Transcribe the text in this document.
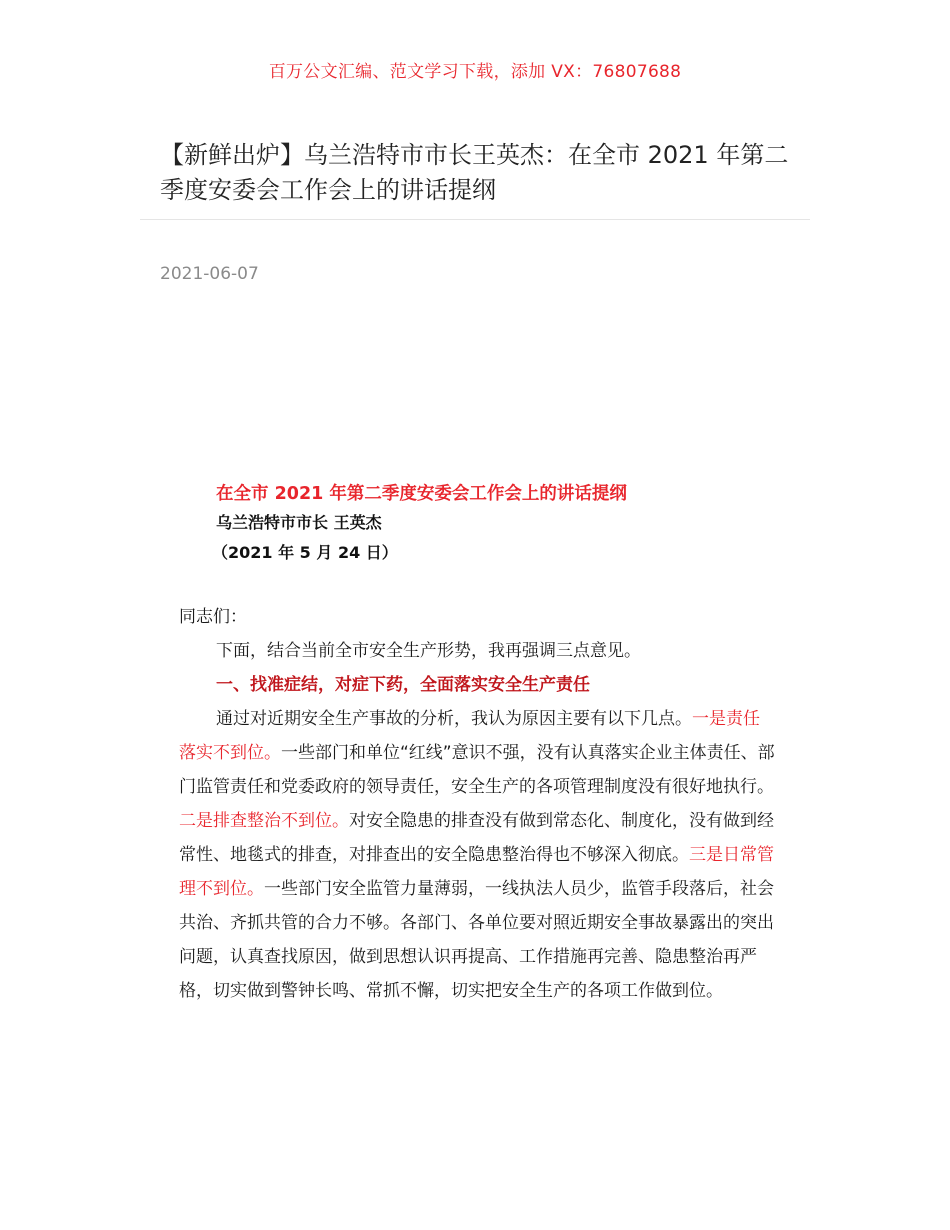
百万公文汇编、范文学习下载，添加 VX：76807688
【新鲜出炉】乌兰浩特市市长王英杰：在全市 2021 年第二季度安委会工作会上的讲话提纲
2021-06-07
在全市 2021 年第二季度安委会工作会上的讲话提纲
乌兰浩特市市长 王英杰
（2021 年 5 月 24 日）

同志们：

下面，结合当前全市安全生产形势，我再强调三点意见。

一、找准症结，对症下药，全面落实安全生产责任

通过对近期安全生产事故的分析，我认为原因主要有以下几点。一是责任落实不到位。一些部门和单位“红线”意识不强，没有认真落实企业主体责任、部门监管责任和党委政府的领导责任，安全生产的各项管理制度没有很好地执行。二是排查整治不到位。对安全隐患的排查没有做到常态化、制度化，没有做到经常性、地毯式的排查，对排查出的安全隐患整治得也不够深入彻底。三是日常管理不到位。一些部门安全监管力量薄弱，一线执法人员少，监管手段落后，社会共治、齐抓共管的合力不够。各部门、各单位要对照近期安全事故暴露出的突出问题，认真查找原因，做到思想认识再提高、工作措施再完善、隐患整治再严格，切实做到警钟长鸣、常抓不懈，切实把安全生产的各项工作做到位。
